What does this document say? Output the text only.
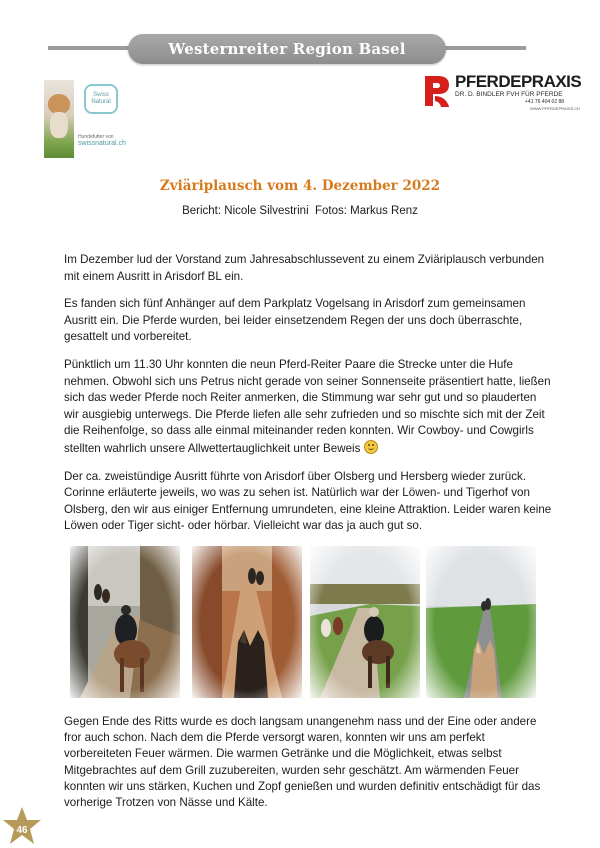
Westernreiter Region Basel
Swiss
Natural
Hundefutter von
swissnatural.ch
PFERDEPRAXIS
DR. D. BINDLER FVH FÜR PFERDE
+41 76 404 02 88
WWW.PFERDEPRAXIS.CH
Zviäriplausch vom 4. Dezember 2022
Bericht: Nicole Silvestrini  Fotos: Markus Renz

Im Dezember lud der Vorstand zum Jahresabschlussevent zu einem Zviäriplausch verbunden mit einem Ausritt in Arisdorf BL ein.

Es fanden sich fünf Anhänger auf dem Parkplatz Vogelsang in Arisdorf zum gemeinsamen Ausritt ein. Die Pferde wurden, bei leider einsetzendem Regen der uns doch überraschte, gesattelt und vorbereitet.

Pünktlich um 11.30 Uhr konnten die neun Pferd-Reiter Paare die Strecke unter die Hufe nehmen. Obwohl sich uns Petrus nicht gerade von seiner Sonnenseite präsentiert hatte, ließen sich das weder Pferde noch Reiter anmerken, die Stimmung war sehr gut und so plauderten wir ausgiebig unterwegs. Die Pferde liefen alle sehr zufrieden und so mischte sich mit der Zeit die Reihenfolge, so dass alle einmal miteinander reden konnten. Wir Cowboy- und Cowgirls stellten wahrlich unsere Allwettertauglichkeit unter Beweis

Der ca. zweistündige Ausritt führte von Arisdorf über Olsberg und Hersberg wieder zurück. Corinne erläuterte jeweils, wo was zu sehen ist. Natürlich war der Löwen- und Tigerhof von Olsberg, den wir aus einiger Entfernung umrundeten, eine kleine Attraktion. Leider waren keine Löwen oder Tiger sicht- oder hörbar. Vielleicht war das ja auch gut so.

Gegen Ende des Ritts wurde es doch langsam unangenehm nass und der Eine oder andere fror auch schon. Nach dem die Pferde versorgt waren, konnten wir uns am perfekt vorbereiteten Feuer wärmen. Die warmen Getränke und die Möglichkeit, etwas selbst Mitgebrachtes auf dem Grill zuzubereiten, wurden sehr geschätzt. Am wärmenden Feuer konnten wir uns stärken, Kuchen und Zopf genießen und wurden definitiv entschädigt für das vorherige Trotzen von Nässe und Kälte.
46
